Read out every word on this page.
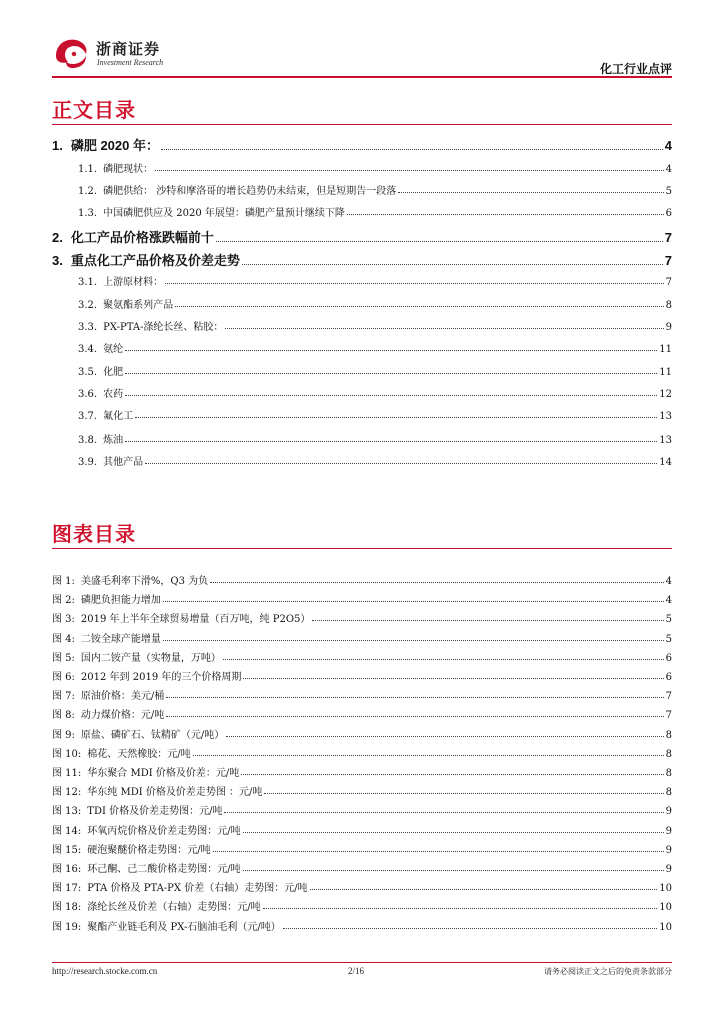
浙商证券
Investment Research	化工行业点评
正文目录
1. 磷肥 2020 年：	4
1.1. 磷肥现状：	4
1.2. 磷肥供给： 沙特和摩洛哥的增长趋势仍未结束，但是短期告一段落	5
1.3. 中国磷肥供应及 2020 年展望：磷肥产量预计继续下降	6
2. 化工产品价格涨跌幅前十	7
3. 重点化工产品价格及价差走势	7
3.1. 上游原材料：	7
3.2. 聚氨酯系列产品	8
3.3. PX-PTA-涤纶长丝、粘胶：	9
3.4. 氨纶	11
3.5. 化肥	11
3.6. 农药	12
3.7. 氟化工	13
3.8. 炼油	13
3.9. 其他产品	14
图表目录
图 1: 美盛毛利率下滑%，Q3 为负	4
图 2: 磷肥负担能力增加	4
图 3: 2019 年上半年全球贸易增量（百万吨，纯 P2O5）	5
图 4: 二铵全球产能增量	5
图 5: 国内二铵产量（实物量，万吨）	6
图 6: 2012 年到 2019 年的三个价格周期	6
图 7: 原油价格：美元/桶	7
图 8: 动力煤价格：元/吨	7
图 9: 原盐、磷矿石、钛精矿（元/吨）	8
图 10: 棉花、天然橡胶：元/吨	8
图 11: 华东聚合 MDI 价格及价差：元/吨	8
图 12: 华东纯 MDI 价格及价差走势图 ：元/吨	8
图 13: TDI 价格及价差走势图：元/吨	9
图 14: 环氧丙烷价格及价差走势图：元/吨	9
图 15: 硬泡聚醚价格走势图：元/吨	9
图 16: 环己酮、己二酸价格走势图：元/吨	9
图 17: PTA 价格及 PTA-PX 价差（右轴）走势图：元/吨	10
图 18: 涤纶长丝及价差（右轴）走势图：元/吨	10
图 19: 聚酯产业链毛利及 PX-石脑油毛利（元/吨）	10
http://research.stocke.com.cn	2/16	请务必阅读正文之后的免责条款部分
